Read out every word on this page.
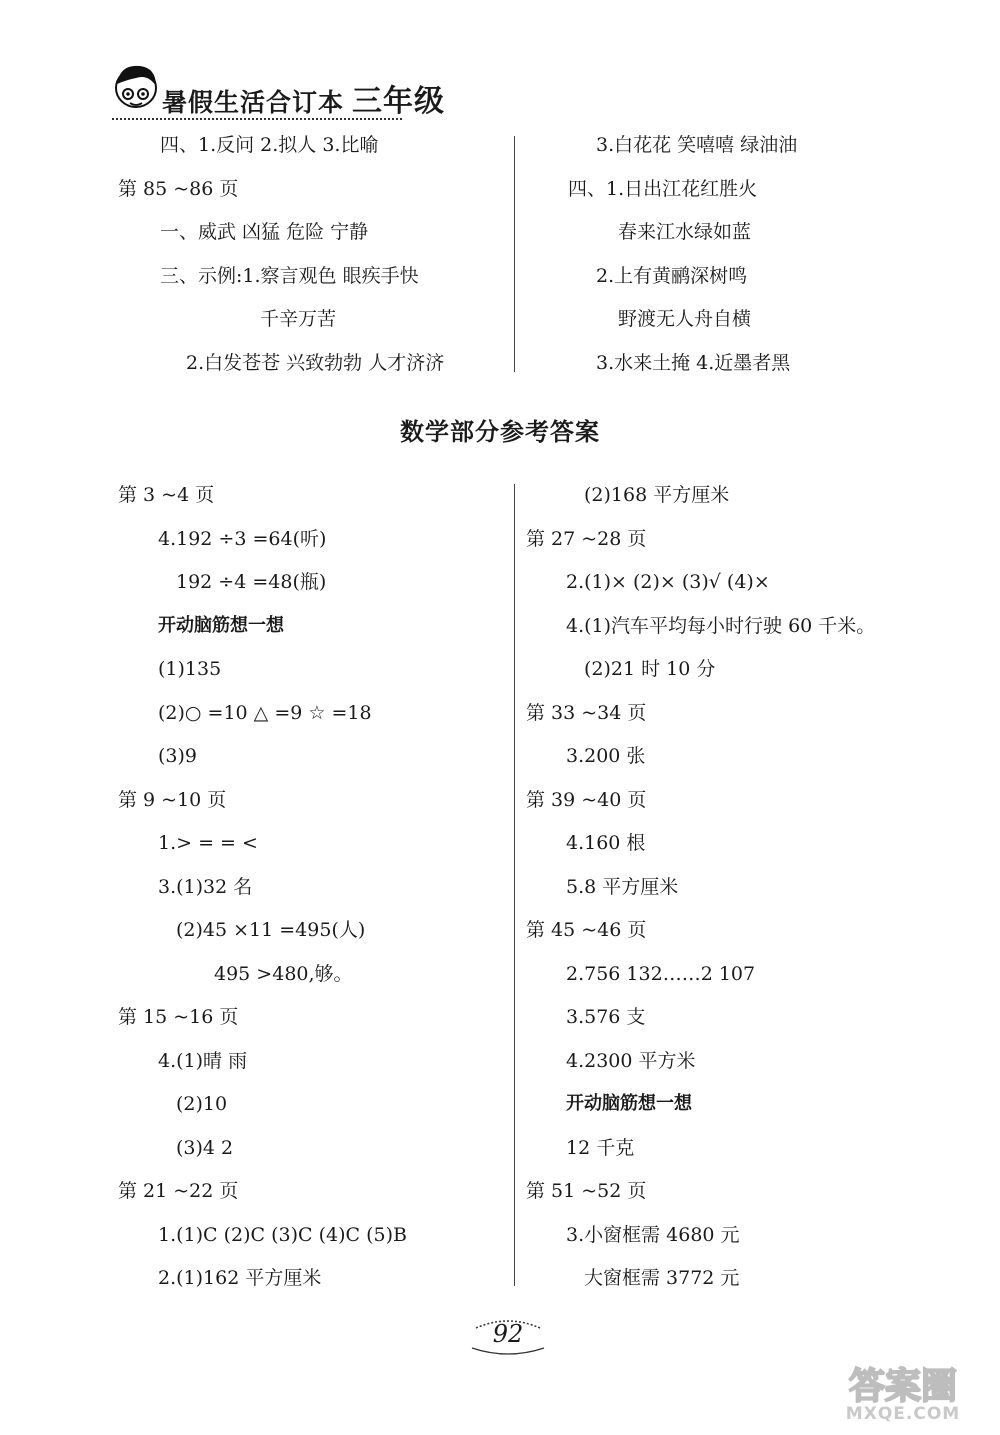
暑假生活合订本 三年级
四、1.反问 2.拟人 3.比喻
第 85 ~86 页
一、威武 凶猛 危险 宁静
三、示例:1.察言观色 眼疾手快
千辛万苦
2.白发苍苍 兴致勃勃 人才济济
3.白花花 笑嘻嘻 绿油油
四、1.日出江花红胜火
春来江水绿如蓝
2.上有黄鹂深树鸣
野渡无人舟自横
3.水来土掩 4.近墨者黑
数学部分参考答案
第 3 ~4 页
4.192 ÷3 =64(听)
192 ÷4 =48(瓶)
开动脑筋想一想
(1)135
(2)○ =10 △ =9 ☆ =18
(3)9
第 9 ~10 页
1.> = = <
3.(1)32 名
(2)45 ×11 =495(人)
495 >480,够。
第 15 ~16 页
4.(1)晴 雨
(2)10
(3)4 2
第 21 ~22 页
1.(1)C (2)C (3)C (4)C (5)B
2.(1)162 平方厘米
(2)168 平方厘米
第 27 ~28 页
2.(1)× (2)× (3)√ (4)×
4.(1)汽车平均每小时行驶 60 千米。
(2)21 时 10 分
第 33 ~34 页
3.200 张
第 39 ~40 页
4.160 根
5.8 平方厘米
第 45 ~46 页
2.756 132……2 107
3.576 支
4.2300 平方米
开动脑筋想一想
12 千克
第 51 ~52 页
3.小窗框需 4680 元
大窗框需 3772 元
92
答案圈
MXQE.COM
